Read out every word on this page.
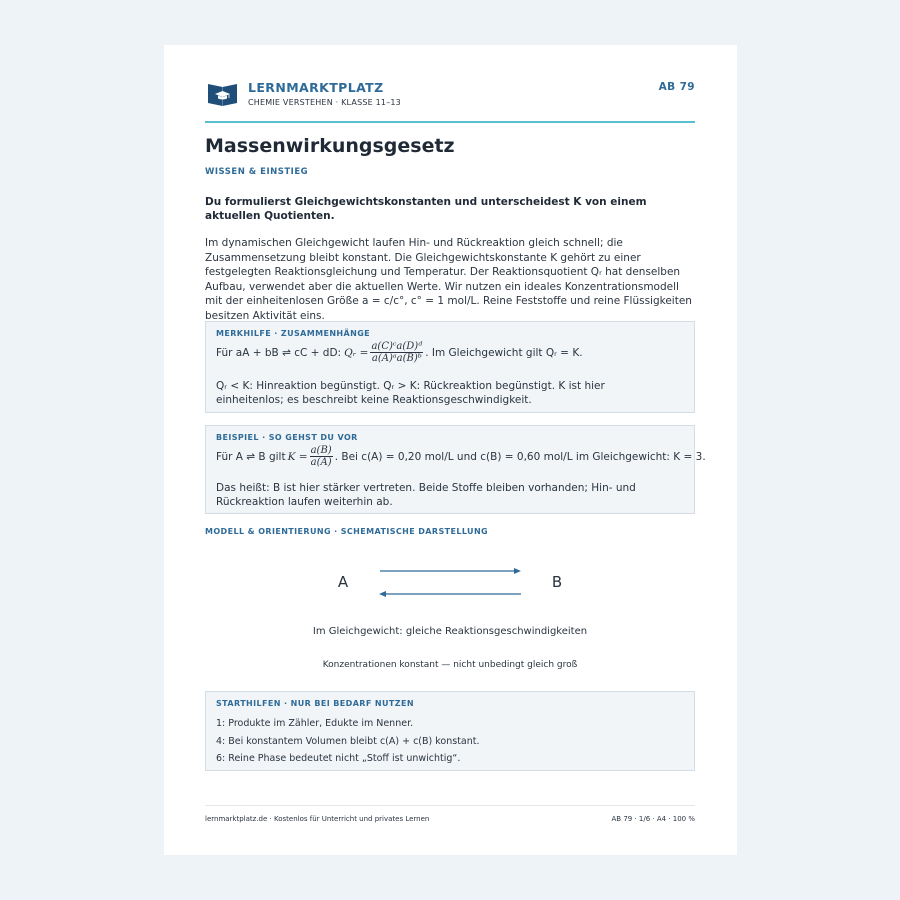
LERNMARKTPLATZ
CHEMIE VERSTEHEN · KLASSE 11–13
AB 79
Massenwirkungsgesetz
WISSEN & EINSTIEG
Du formulierst Gleichgewichtskonstanten und unterscheidest K von einem aktuellen Quotienten.
Im dynamischen Gleichgewicht laufen Hin- und Rückreaktion gleich schnell; die Zusammensetzung bleibt konstant. Die Gleichgewichtskonstante K gehört zu einer festgelegten Reaktionsgleichung und Temperatur. Der Reaktionsquotient Qᵣ hat denselben Aufbau, verwendet aber die aktuellen Werte. Wir nutzen ein ideales Konzentrationsmodell mit der einheitenlosen Größe a = c/c°, c° = 1 mol/L. Reine Feststoffe und reine Flüssigkeiten besitzen Aktivität eins.
MERKHILFE · ZUSAMMENHÄNGE
Für aA + bB ⇌ cC + dD: Qᵣ = $\frac{\text{a(C)ᶜa(D)ᵈ}}{\text{a(A)ᵃa(B)ᵇ}}$ . Im Gleichgewicht gilt Qᵣ = K.
Qᵣ < K: Hinreaktion begünstigt. Qᵣ > K: Rückreaktion begünstigt. K ist hier einheitenlos; es beschreibt keine Reaktionsgeschwindigkeit.
BEISPIEL · SO GEHST DU VOR
Für A ⇌ B gilt $K = \frac{a(B)}{a(A)}$ . Bei c(A) = 0,20 mol/L und c(B) = 0,60 mol/L im Gleichgewicht: K = 3.
Das heißt: B ist hier stärker vertreten. Beide Stoffe bleiben vorhanden; Hin- und Rückreaktion laufen weiterhin ab.
MODELL & ORIENTIERUNG · SCHEMATISCHE DARSTELLUNG
A	B
Im Gleichgewicht: gleiche Reaktionsgeschwindigkeiten
Konzentrationen konstant — nicht unbedingt gleich groß
STARTHILFEN · NUR BEI BEDARF NUTZEN
1: Produkte im Zähler, Edukte im Nenner.
4: Bei konstantem Volumen bleibt c(A) + c(B) konstant.
6: Reine Phase bedeutet nicht „Stoff ist unwichtig“.
lernmarktplatz.de · Kostenlos für Unterricht und privates Lernen	AB 79 · 1/6 · A4 · 100 %
